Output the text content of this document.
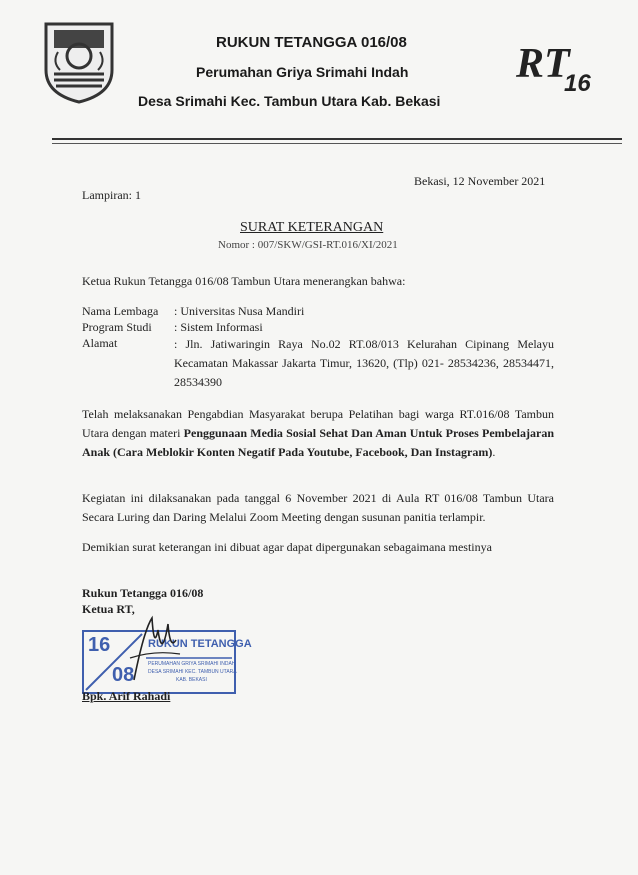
RUKUN TETANGGA 016/08
Perumahan Griya Srimahi Indah
Desa Srimahi Kec. Tambun Utara Kab. Bekasi
RT
16
Bekasi, 12 November 2021
Lampiran: 1
SURAT KETERANGAN
Nomor : 007/SKW/GSI-RT.016/XI/2021
Ketua Rukun Tetangga 016/08 Tambun Utara menerangkan bahwa:
Nama Lembaga : Universitas Nusa Mandiri
Program Studi : Sistem Informasi
Alamat	: Jln. Jatiwaringin Raya No.02 RT.08/013 Kelurahan Cipinang Melayu Kecamatan Makassar Jakarta Timur, 13620, (Tlp) 021- 28534236, 28534471, 28534390
Telah melaksanakan Pengabdian Masyarakat berupa Pelatihan bagi warga RT.016/08 Tambun Utara dengan materi Penggunaan Media Sosial Sehat Dan Aman Untuk Proses Pembelajaran Anak (Cara Meblokir Konten Negatif Pada Youtube, Facebook, Dan Instagram).
Kegiatan ini dilaksanakan pada tanggal 6 November 2021 di Aula RT 016/08 Tambun Utara Secara Luring dan Daring Melalui Zoom Meeting dengan susunan panitia terlampir.
Demikian surat keterangan ini dibuat agar dapat dipergunakan sebagaimana mestinya
Rukun Tetangga 016/08
Ketua RT,
16
08
RUKUN TETANGGA
PERUMAHAN GRIYA SRIMAHI INDAH
DESA SRIMAHI KEC. TAMBUN UTARA
KAB. BEKASI
Bpk. Arif Rahadi
